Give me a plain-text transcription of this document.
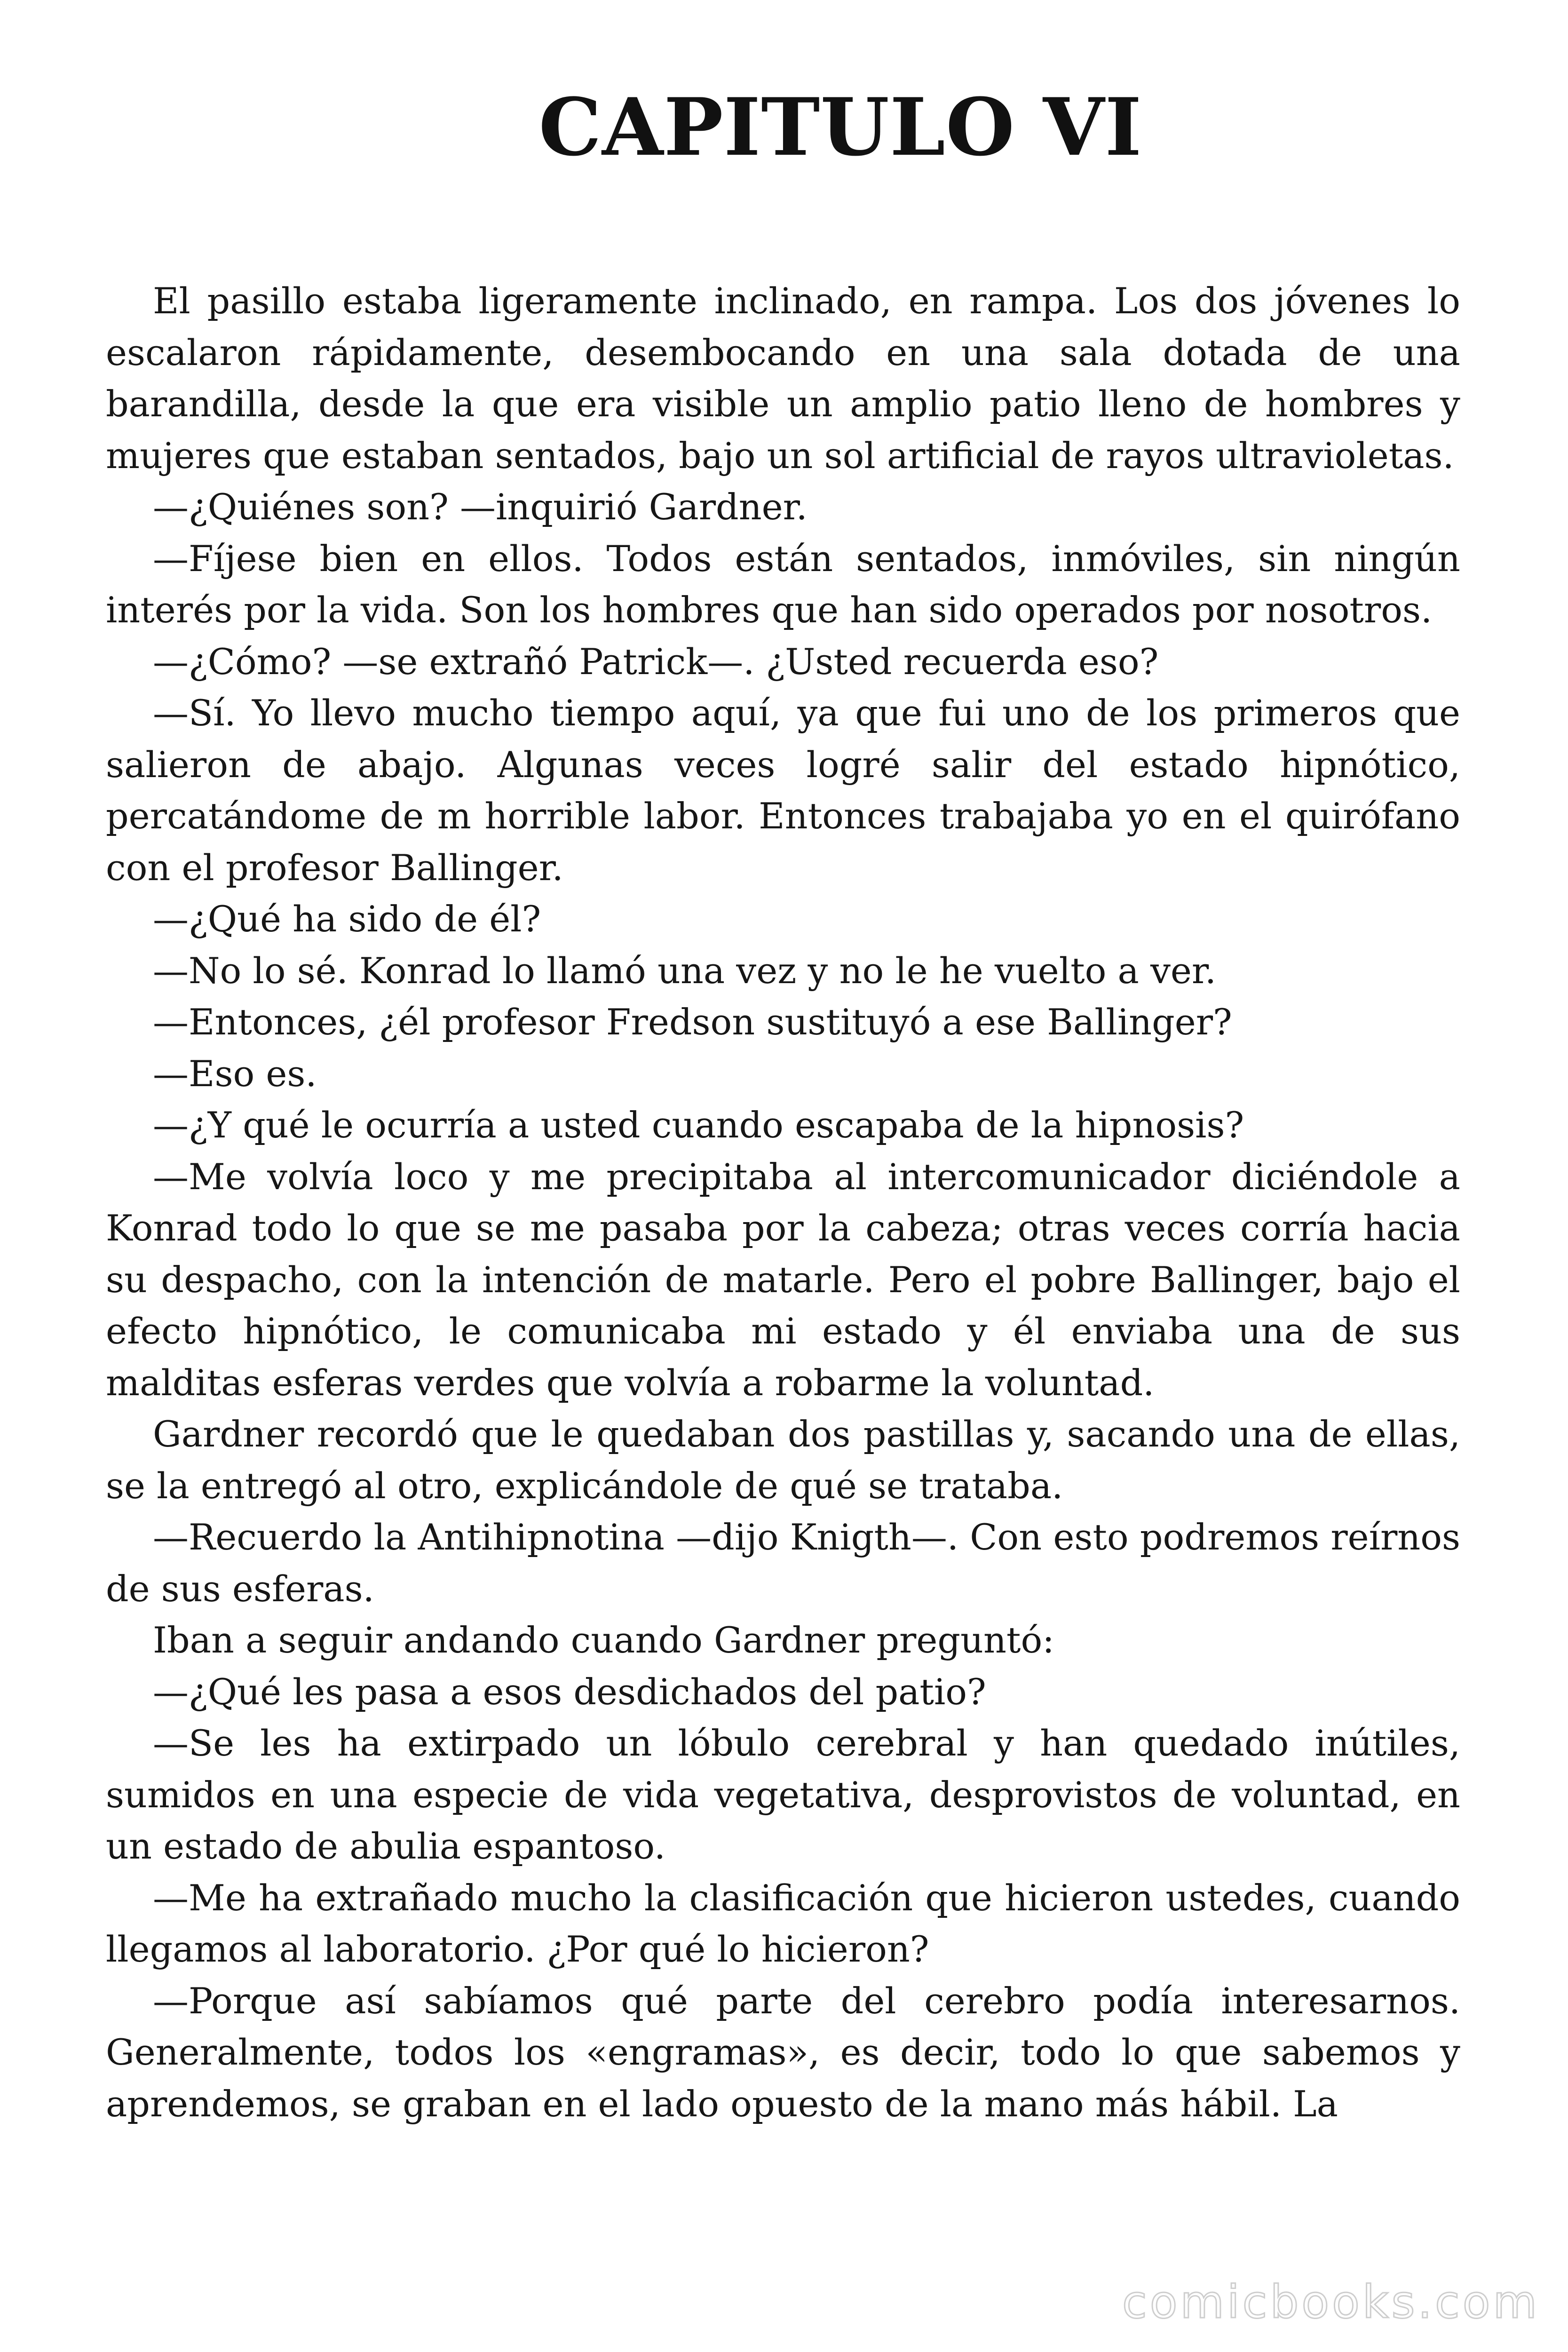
CAPITULO VI

El pasillo estaba ligeramente inclinado, en rampa. Los dos jóvenes lo escalaron rápidamente, desembocando en una sala dotada de una barandilla, desde la que era visible un amplio patio lleno de hombres y mujeres que estaban sentados, bajo un sol artificial de rayos ultravioletas.

—¿Quiénes son? —inquirió Gardner.

—Fíjese bien en ellos. Todos están sentados, inmóviles, sin ningún interés por la vida. Son los hombres que han sido operados por nosotros.

—¿Cómo? —se extrañó Patrick—. ¿Usted recuerda eso?

—Sí. Yo llevo mucho tiempo aquí, ya que fui uno de los primeros que salieron de abajo. Algunas veces logré salir del estado hipnótico, percatándome de m horrible labor. Entonces trabajaba yo en el quirófano con el profesor Ballinger.

—¿Qué ha sido de él?

—No lo sé. Konrad lo llamó una vez y no le he vuelto a ver.

—Entonces, ¿él profesor Fredson sustituyó a ese Ballinger?

—Eso es.

—¿Y qué le ocurría a usted cuando escapaba de la hipnosis?

—Me volvía loco y me precipitaba al intercomunicador diciéndole a Konrad todo lo que se me pasaba por la cabeza; otras veces corría hacia su despacho, con la intención de matarle. Pero el pobre Ballinger, bajo el efecto hipnótico, le comunicaba mi estado y él enviaba una de sus malditas esferas verdes que volvía a robarme la voluntad.

Gardner recordó que le quedaban dos pastillas y, sacando una de ellas, se la entregó al otro, explicándole de qué se trataba.

—Recuerdo la Antihipnotina —dijo Knigth—. Con esto podremos reírnos de sus esferas.

Iban a seguir andando cuando Gardner preguntó:

—¿Qué les pasa a esos desdichados del patio?

—Se les ha extirpado un lóbulo cerebral y han quedado inútiles, sumidos en una especie de vida vegetativa, desprovistos de voluntad, en un estado de abulia espantoso.

—Me ha extrañado mucho la clasificación que hicieron ustedes, cuando llegamos al laboratorio. ¿Por qué lo hicieron?

—Porque así sabíamos qué parte del cerebro podía interesarnos. Generalmente, todos los «engramas», es decir, todo lo que sabemos y aprendemos, se graban en el lado opuesto de la mano más hábil. La

comicbooks.com
